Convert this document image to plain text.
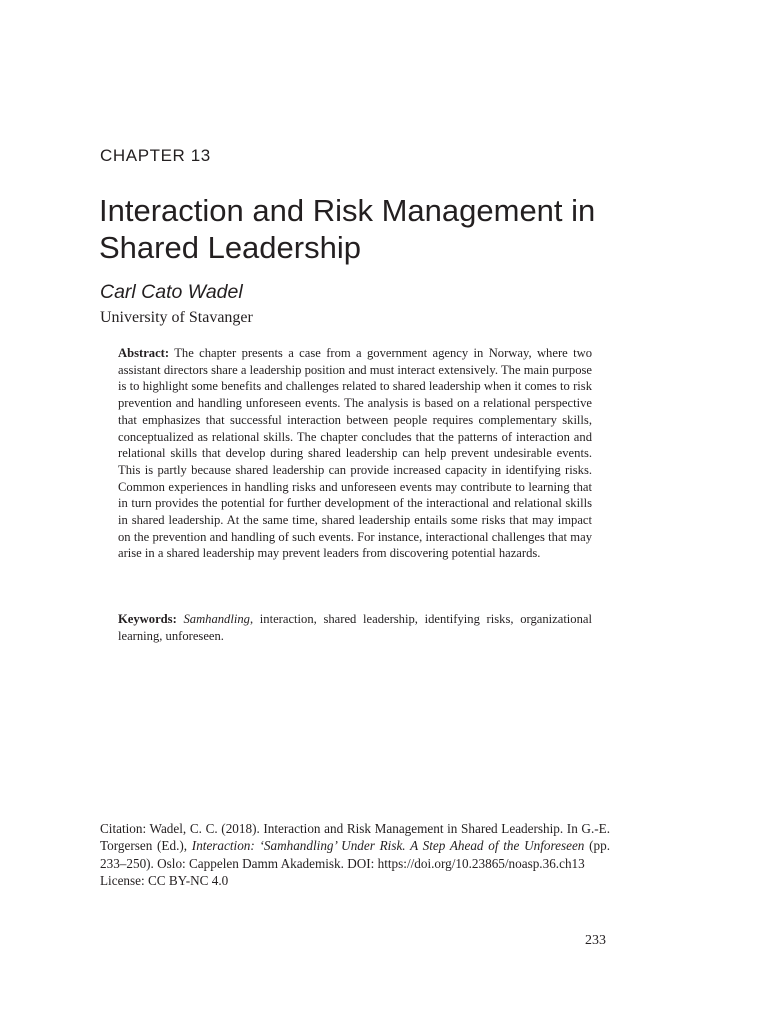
CHAPTER 13
Interaction and Risk Management in Shared Leadership
Carl Cato Wadel
University of Stavanger

Abstract: The chapter presents a case from a government agency in Norway, where two assistant directors share a leadership position and must interact extensively. The main purpose is to highlight some benefits and challenges related to shared leadership when it comes to risk prevention and handling unforeseen events. The analysis is based on a relational perspective that emphasizes that successful interaction between people requires complementary skills, conceptualized as relational skills. The chapter concludes that the patterns of interaction and relational skills that develop during shared leadership can help prevent undesirable events. This is partly because shared leadership can provide increased capacity in identifying risks. Common experiences in handling risks and unforeseen events may contribute to learning that in turn provides the potential for further development of the interactional and relational skills in shared leadership. At the same time, shared leadership entails some risks that may impact on the prevention and handling of such events. For instance, interactional challenges that may arise in a shared leadership may prevent leaders from discovering potential hazards.

Keywords: Samhandling, interaction, shared leadership, identifying risks, organizational learning, unforeseen.

Citation: Wadel, C. C. (2018). Interaction and Risk Management in Shared Leadership. In G.-E. Torgersen (Ed.), Interaction: ‘Samhandling’ Under Risk. A Step Ahead of the Unforeseen (pp. 233–250). Oslo: Cappelen Damm Akademisk. DOI: https://doi.org/10.23865/noasp.36.ch13
License: CC BY-NC 4.0

233
